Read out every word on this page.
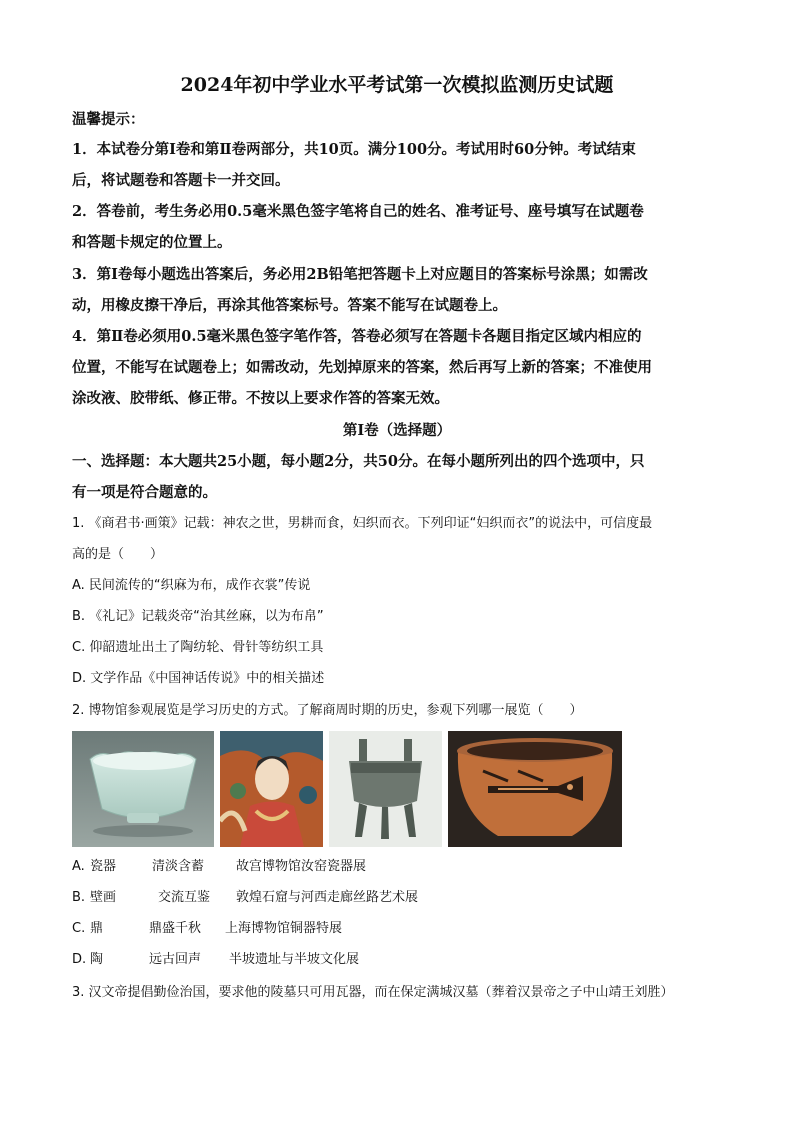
2024年初中学业水平考试第一次模拟监测历史试题
温馨提示：
1．本试卷分第Ⅰ卷和第Ⅱ卷两部分，共10页。满分100分。考试用时60分钟。考试结束
后，将试题卷和答题卡一并交回。
2．答卷前，考生务必用0.5毫米黑色签字笔将自己的姓名、准考证号、座号填写在试题卷
和答题卡规定的位置上。
3．第Ⅰ卷每小题选出答案后，务必用2B铅笔把答题卡上对应题目的答案标号涂黑；如需改
动，用橡皮擦干净后，再涂其他答案标号。答案不能写在试题卷上。
4．第Ⅱ卷必须用0.5毫米黑色签字笔作答，答卷必须写在答题卡各题目指定区域内相应的
位置，不能写在试题卷上；如需改动，先划掉原来的答案，然后再写上新的答案；不准使用
涂改液、胶带纸、修正带。不按以上要求作答的答案无效。
第Ⅰ卷（选择题）
一、选择题：本大题共25小题，每小题2分，共50分。在每小题所列出的四个选项中，只
有一项是符合题意的。
1. 《商君书·画策》记载：神农之世，男耕而食，妇织而衣。下列印证“妇织而衣”的说法中，可信度最
高的是（　　）
A. 民间流传的“织麻为布，成作衣裳”传说
B. 《礼记》记载炎帝“治其丝麻，以为布帛”
C. 仰韶遗址出土了陶纺轮、骨针等纺织工具
D. 文学作品《中国神话传说》中的相关描述
2. 博物馆参观展览是学习历史的方式。了解商周时期的历史，参观下列哪一展览（　　）
A. 瓷器	清淡含蓄 故宫博物馆汝窑瓷器展
B. 壁画	交流互鉴 敦煌石窟与河西走廊丝路艺术展
C. 鼎	鼎盛千秋 上海博物馆铜器特展
D. 陶	远古回声 半坡遗址与半坡文化展
3. 汉文帝提倡勤俭治国，要求他的陵墓只可用瓦器，而在保定满城汉墓（葬着汉景帝之子中山靖王刘胜）
